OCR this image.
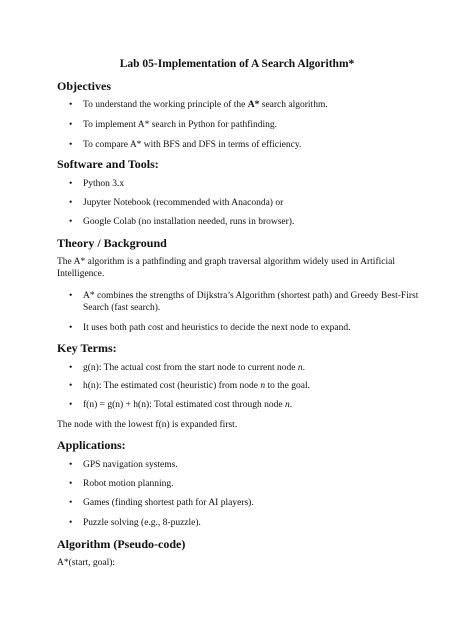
Lab 05-Implementation of A Search Algorithm*
Objectives
• To understand the working principle of the A* search algorithm.
• To implement A* search in Python for pathfinding.
• To compare A* with BFS and DFS in terms of efficiency.
Software and Tools:
• Python 3.x
• Jupyter Notebook (recommended with Anaconda) or
• Google Colab (no installation needed, runs in browser).
Theory / Background
The A* algorithm is a pathfinding and graph traversal algorithm widely used in Artificial Intelligence.
• A* combines the strengths of Dijkstra’s Algorithm (shortest path) and Greedy Best-First Search (fast search).
• It uses both path cost and heuristics to decide the next node to expand.
Key Terms:
• g(n): The actual cost from the start node to current node n.
• h(n): The estimated cost (heuristic) from node n to the goal.
• f(n) = g(n) + h(n): Total estimated cost through node n.
The node with the lowest f(n) is expanded first.
Applications:
• GPS navigation systems.
• Robot motion planning.
• Games (finding shortest path for AI players).
• Puzzle solving (e.g., 8-puzzle).
Algorithm (Pseudo-code)
A*(start, goal):
